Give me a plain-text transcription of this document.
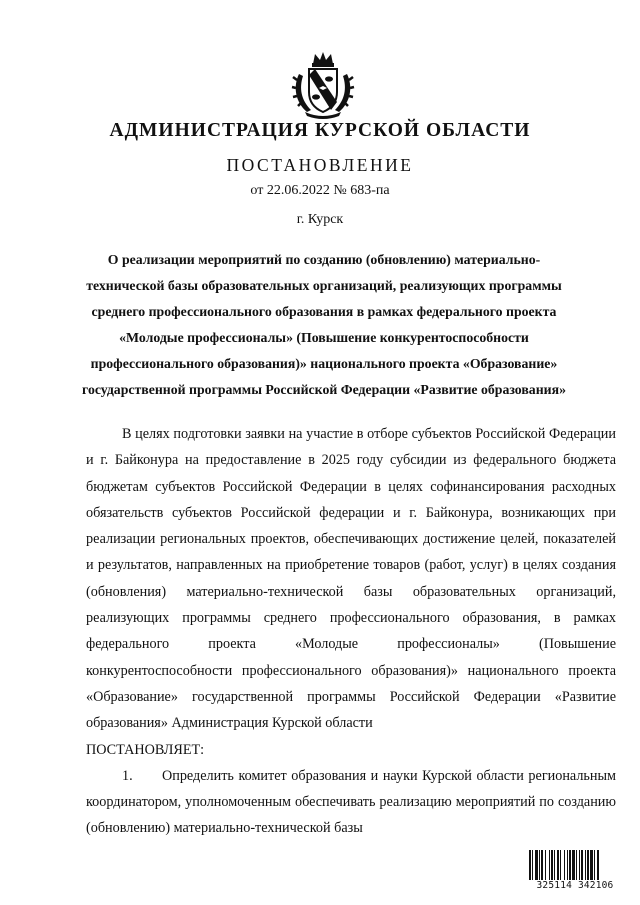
АДМИНИСТРАЦИЯ КУРСКОЙ ОБЛАСТИ
ПОСТАНОВЛЕНИЕ
от 22.06.2022 № 683-па
г. Курск
О реализации мероприятий по созданию (обновлению) материально-технической базы образовательных организаций, реализующих программы среднего профессионального образования в рамках федерального проекта «Молодые профессионалы» (Повышение конкурентоспособности профессионального образования)» национального проекта «Образование» государственной программы Российской Федерации «Развитие образования»

В целях подготовки заявки на участие в отборе субъектов Российской Федерации и г. Байконура на предоставление в 2025 году субсидии из федерального бюджета бюджетам субъектов Российской Федерации в целях софинансирования расходных обязательств субъектов Российской федерации и г. Байконура, возникающих при реализации региональных проектов, обеспечивающих достижение целей, показателей и результатов, направленных на приобретение товаров (работ, услуг) в целях создания (обновления) материально-технической базы образовательных организаций, реализующих программы среднего профессионального образования, в рамках федерального проекта «Молодые профессионалы» (Повышение конкурентоспособности профессионального образования)» национального проекта «Образование» государственной программы Российской Федерации «Развитие образования» Администрация Курской области

ПОСТАНОВЛЯЕТ:

1. Определить комитет образования и науки Курской области региональным координатором, уполномоченным обеспечивать реализацию мероприятий по созданию (обновлению) материально-технической базы

325114 342106
